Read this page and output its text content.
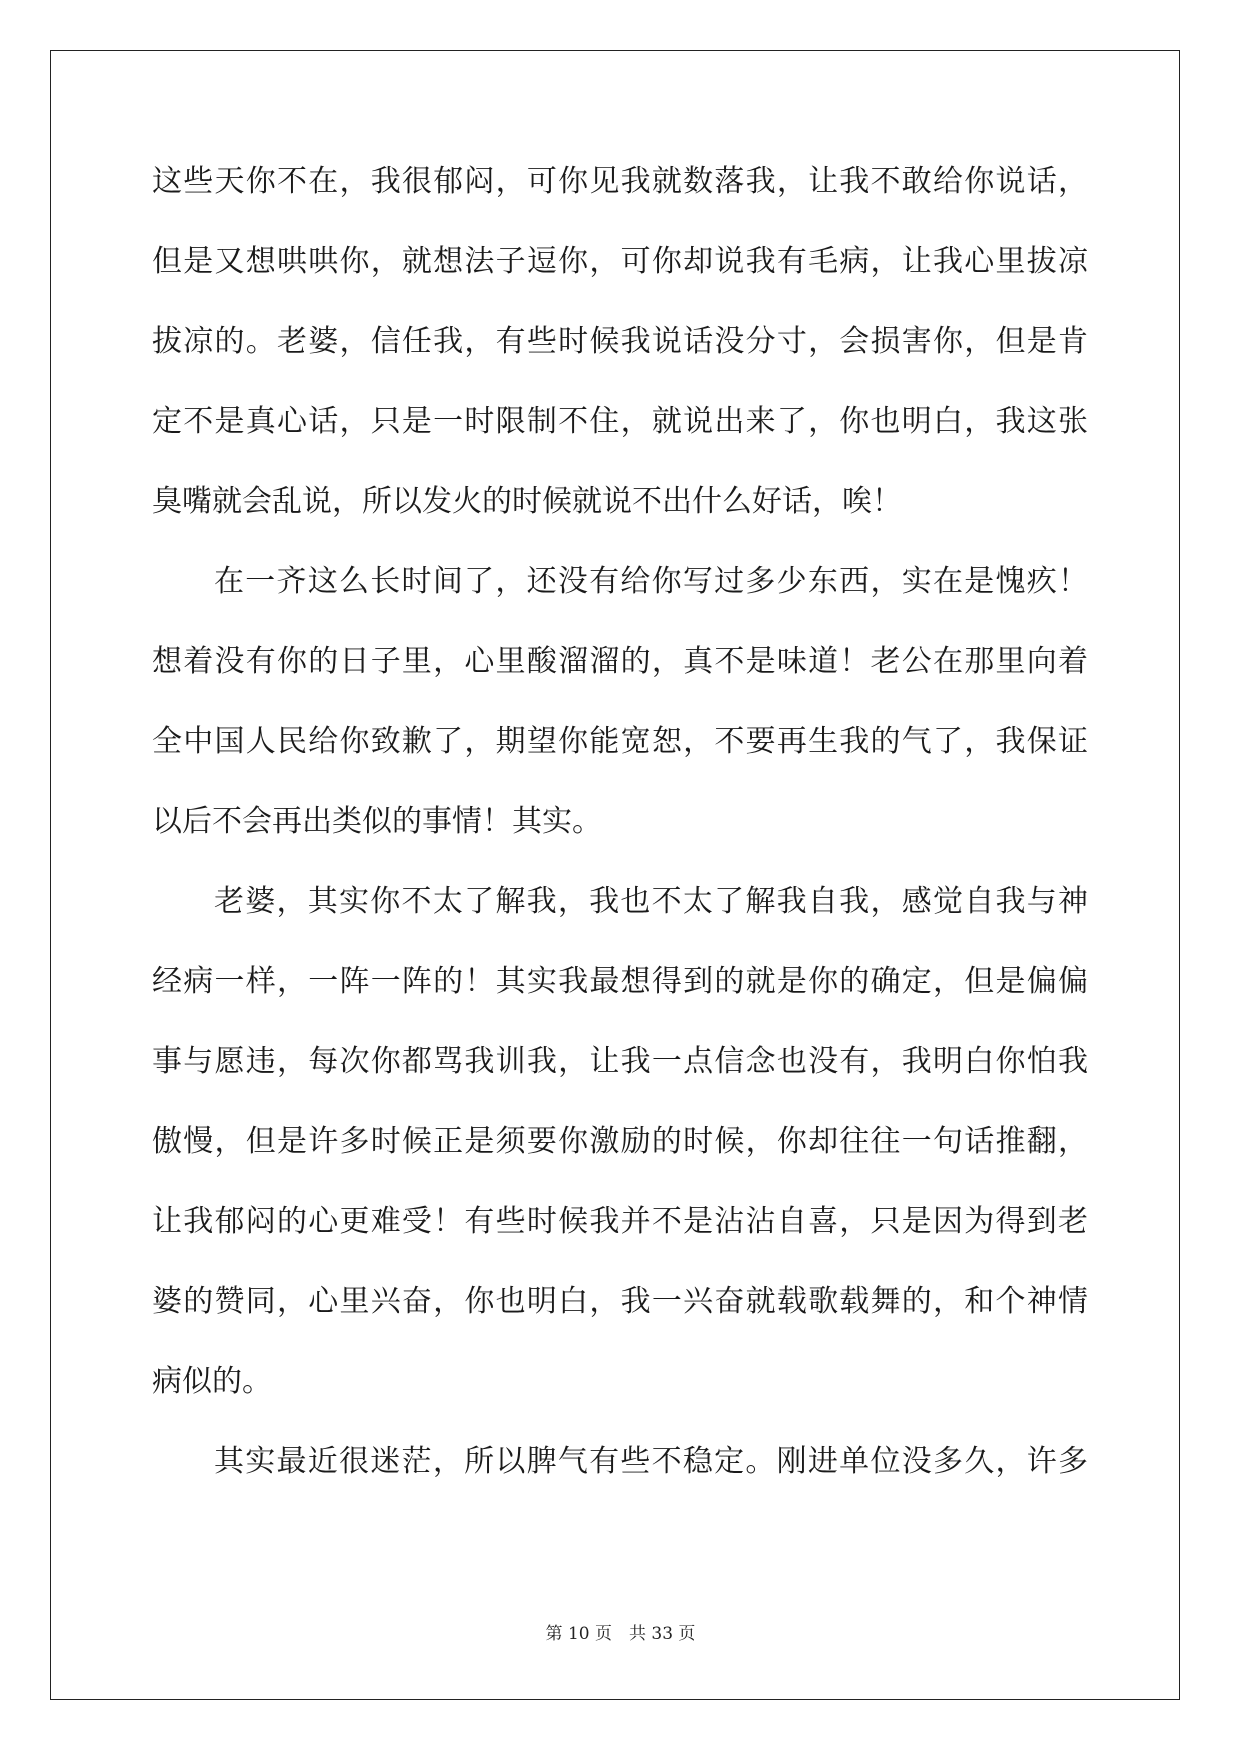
这些天你不在，我很郁闷，可你见我就数落我，让我不敢给你说话，
但是又想哄哄你，就想法子逗你，可你却说我有毛病，让我心里拔凉
拔凉的。老婆，信任我，有些时候我说话没分寸，会损害你，但是肯
定不是真心话，只是一时限制不住，就说出来了，你也明白，我这张
臭嘴就会乱说，所以发火的时候就说不出什么好话，唉！
在一齐这么长时间了，还没有给你写过多少东西，实在是愧疚！
想着没有你的日子里，心里酸溜溜的，真不是味道！老公在那里向着
全中国人民给你致歉了，期望你能宽恕，不要再生我的气了，我保证
以后不会再出类似的事情！其实。
老婆，其实你不太了解我，我也不太了解我自我，感觉自我与神
经病一样，一阵一阵的！其实我最想得到的就是你的确定，但是偏偏
事与愿违，每次你都骂我训我，让我一点信念也没有，我明白你怕我
傲慢，但是许多时候正是须要你激励的时候，你却往往一句话推翻，
让我郁闷的心更难受！有些时候我并不是沾沾自喜，只是因为得到老
婆的赞同，心里兴奋，你也明白，我一兴奋就载歌载舞的，和个神情
病似的。
其实最近很迷茫，所以脾气有些不稳定。刚进单位没多久，许多
第 10 页　共 33 页
